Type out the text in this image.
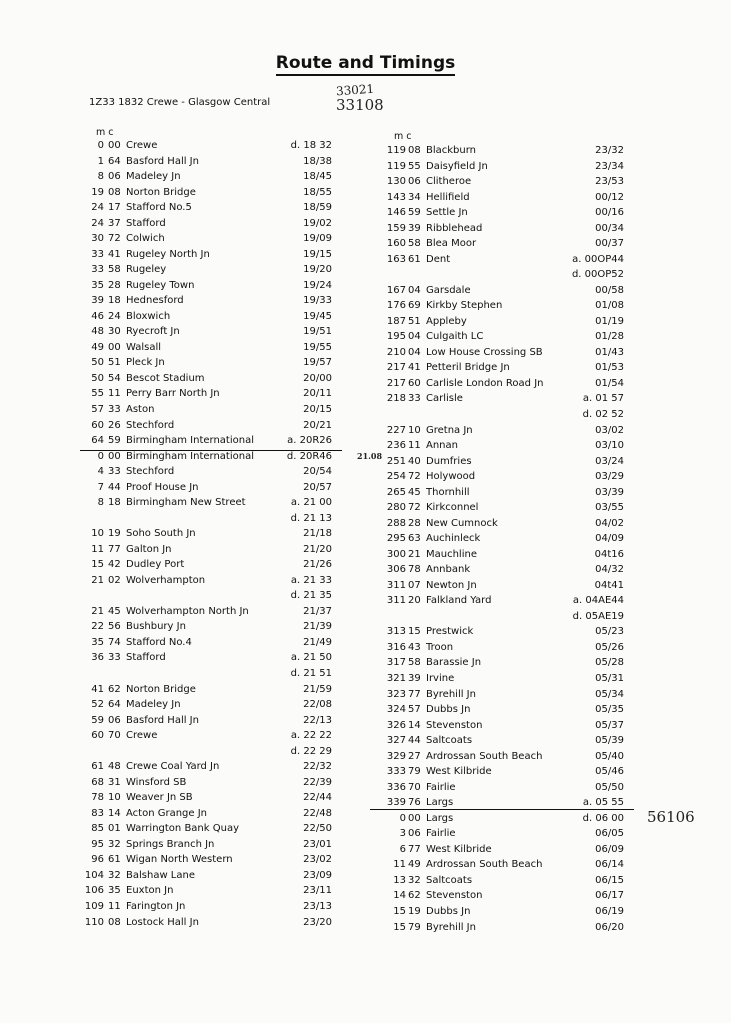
Route and Timings
1Z33 1832 Crewe - Glasgow Central
33021
33108
56106
21.08
m c	m c
0 00 Crewe	d. 18 32
1 64 Basford Hall Jn	18/38
8 06 Madeley Jn	18/45
19 08 Norton Bridge	18/55
24 17 Stafford No.5	18/59
24 37 Stafford	19/02
30 72 Colwich	19/09
33 41 Rugeley North Jn	19/15
33 58 Rugeley	19/20
35 28 Rugeley Town	19/24
39 18 Hednesford	19/33
46 24 Bloxwich	19/45
48 30 Ryecroft Jn	19/51
49 00 Walsall	19/55
50 51 Pleck Jn	19/57
50 54 Bescot Stadium	20/00
55 11 Perry Barr North Jn	20/11
57 33 Aston	20/15
60 26 Stechford	20/21
64 59 Birmingham International	a. 20R26
0 00 Birmingham International	d. 20R46
4 33 Stechford	20/54
7 44 Proof House Jn	20/57
8 18 Birmingham New Street	a. 21 00
d. 21 13
10 19 Soho South Jn	21/18
11 77 Galton Jn	21/20
15 42 Dudley Port	21/26
21 02 Wolverhampton	a. 21 33
d. 21 35
21 45 Wolverhampton North Jn	21/37
22 56 Bushbury Jn	21/39
35 74 Stafford No.4	21/49
36 33 Stafford	a. 21 50
d. 21 51
41 62 Norton Bridge	21/59
52 64 Madeley Jn	22/08
59 06 Basford Hall Jn	22/13
60 70 Crewe	a. 22 22
d. 22 29
61 48 Crewe Coal Yard Jn	22/32
68 31 Winsford SB	22/39
78 10 Weaver Jn SB	22/44
83 14 Acton Grange Jn	22/48
85 01 Warrington Bank Quay	22/50
95 32 Springs Branch Jn	23/01
96 61 Wigan North Western	23/02
104 32 Balshaw Lane	23/09
106 35 Euxton Jn	23/11
109 11 Farington Jn	23/13
110 08 Lostock Hall Jn	23/20
119 08 Blackburn	23/32
119 55 Daisyfield Jn	23/34
130 06 Clitheroe	23/53
143 34 Hellifield	00/12
146 59 Settle Jn	00/16
159 39 Ribblehead	00/34
160 58 Blea Moor	00/37
163 61 Dent	a. 00OP44
d. 00OP52
167 04 Garsdale	00/58
176 69 Kirkby Stephen	01/08
187 51 Appleby	01/19
195 04 Culgaith LC	01/28
210 04 Low House Crossing SB	01/43
217 41 Petteril Bridge Jn	01/53
217 60 Carlisle London Road Jn	01/54
218 33 Carlisle	a. 01 57
d. 02 52
227 10 Gretna Jn	03/02
236 11 Annan	03/10
251 40 Dumfries	03/24
254 72 Holywood	03/29
265 45 Thornhill	03/39
280 72 Kirkconnel	03/55
288 28 New Cumnock	04/02
295 63 Auchinleck	04/09
300 21 Mauchline	04t16
306 78 Annbank	04/32
311 07 Newton Jn	04t41
311 20 Falkland Yard	a. 04AE44
d. 05AE19
313 15 Prestwick	05/23
316 43 Troon	05/26
317 58 Barassie Jn	05/28
321 39 Irvine	05/31
323 77 Byrehill Jn	05/34
324 57 Dubbs Jn	05/35
326 14 Stevenston	05/37
327 44 Saltcoats	05/39
329 27 Ardrossan South Beach	05/40
333 79 West Kilbride	05/46
336 70 Fairlie	05/50
339 76 Largs	a. 05 55
0 00 Largs	d. 06 00
3 06 Fairlie	06/05
6 77 West Kilbride	06/09
11 49 Ardrossan South Beach	06/14
13 32 Saltcoats	06/15
14 62 Stevenston	06/17
15 19 Dubbs Jn	06/19
15 79 Byrehill Jn	06/20
